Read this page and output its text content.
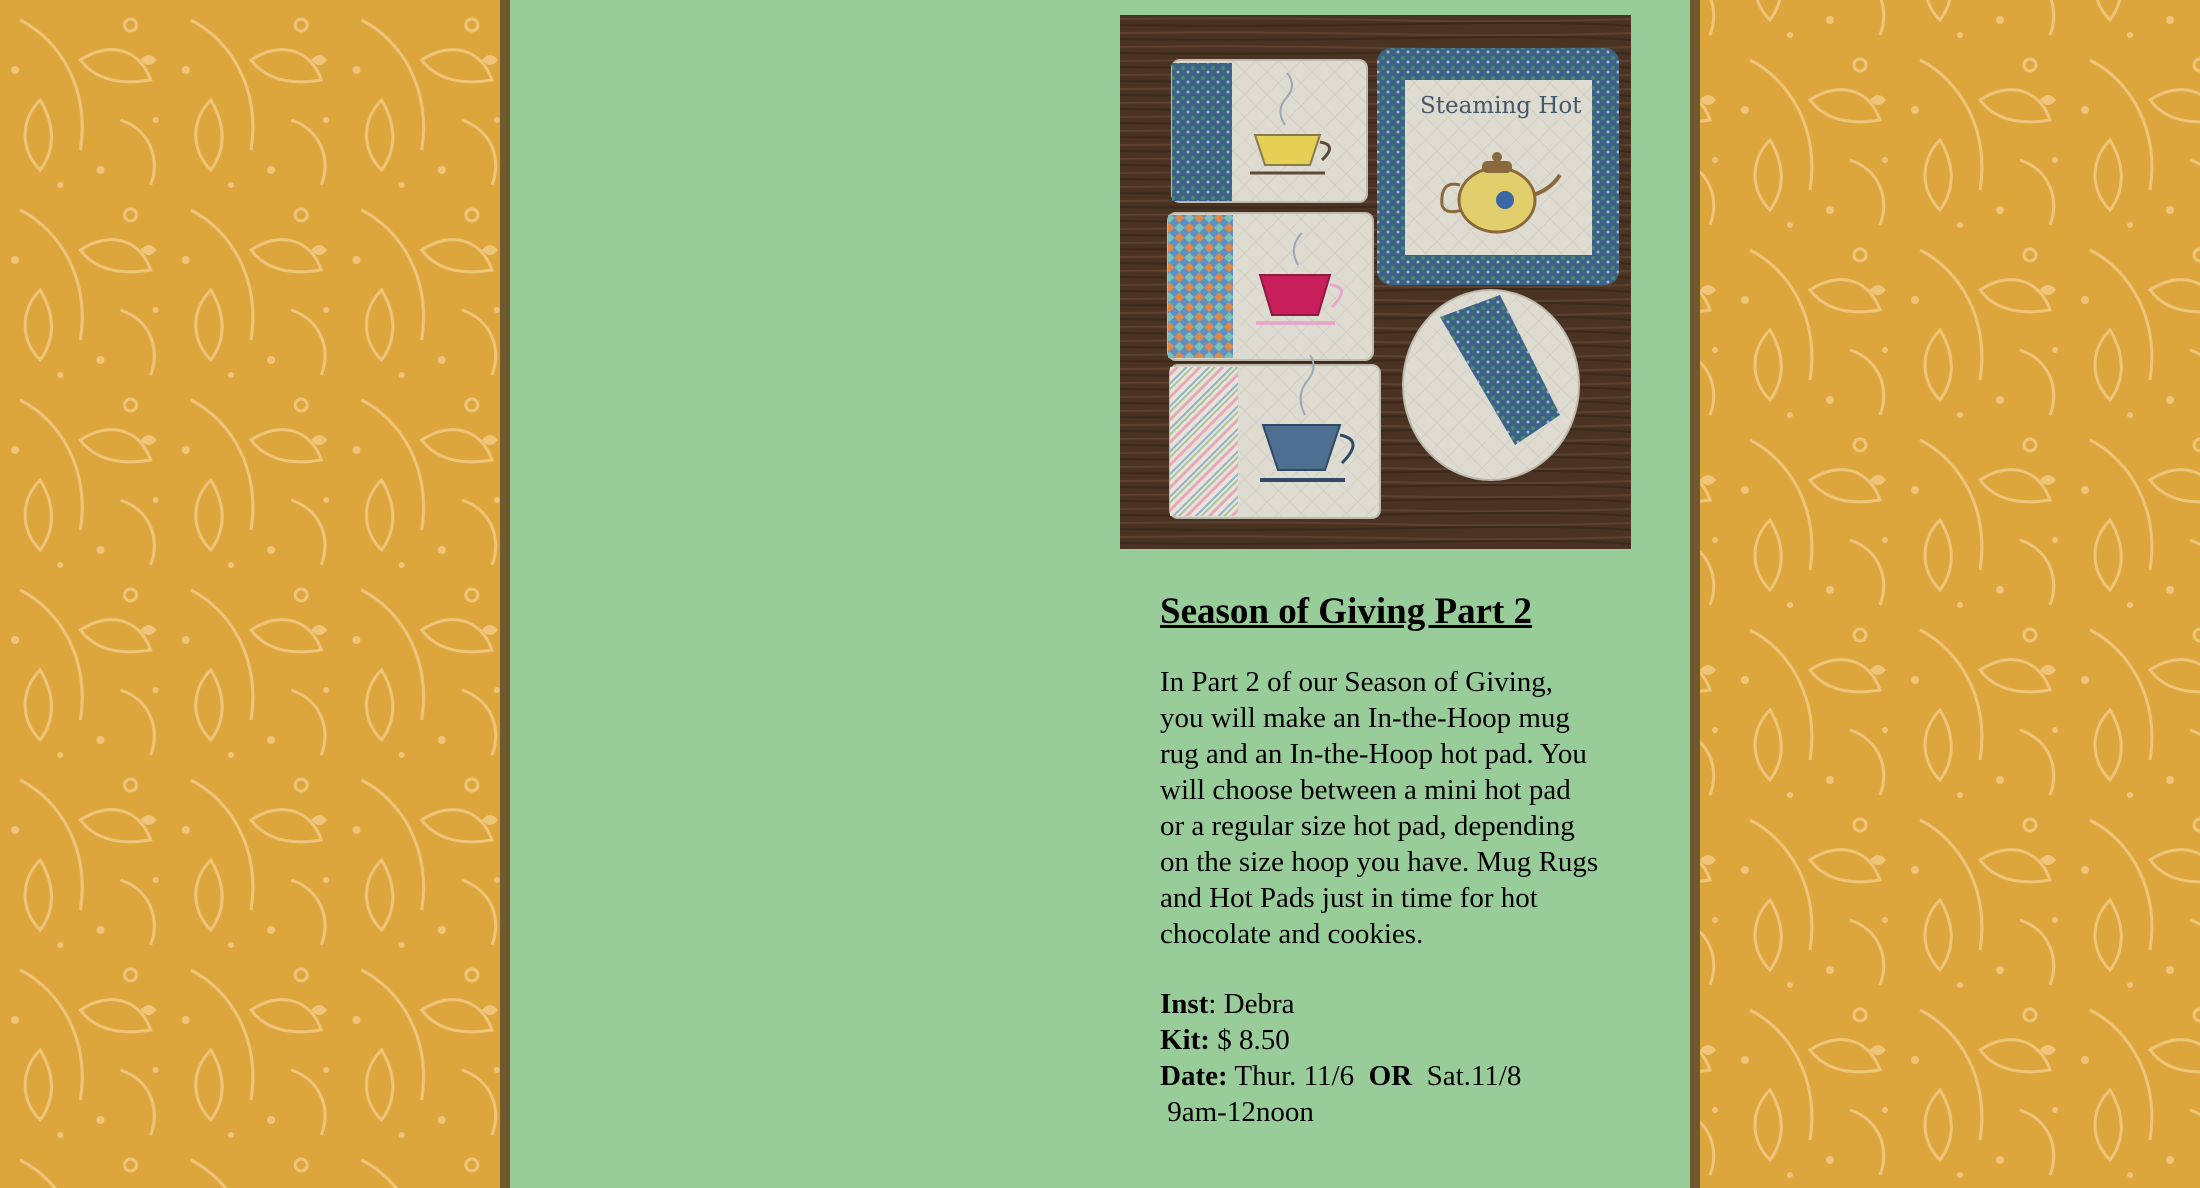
Steaming Hot
Season of Giving Part 2

In Part 2 of our Season of Giving, you will make an In-the-Hoop mug rug and an In-the-Hoop hot pad. You will choose between a mini hot pad or a regular size hot pad, depending on the size hoop you have. Mug Rugs and Hot Pads just in time for hot chocolate and cookies.

Inst: Debra
Kit: $ 8.50
Date: Thur. 11/6  OR  Sat.11/8
9am-12noon
